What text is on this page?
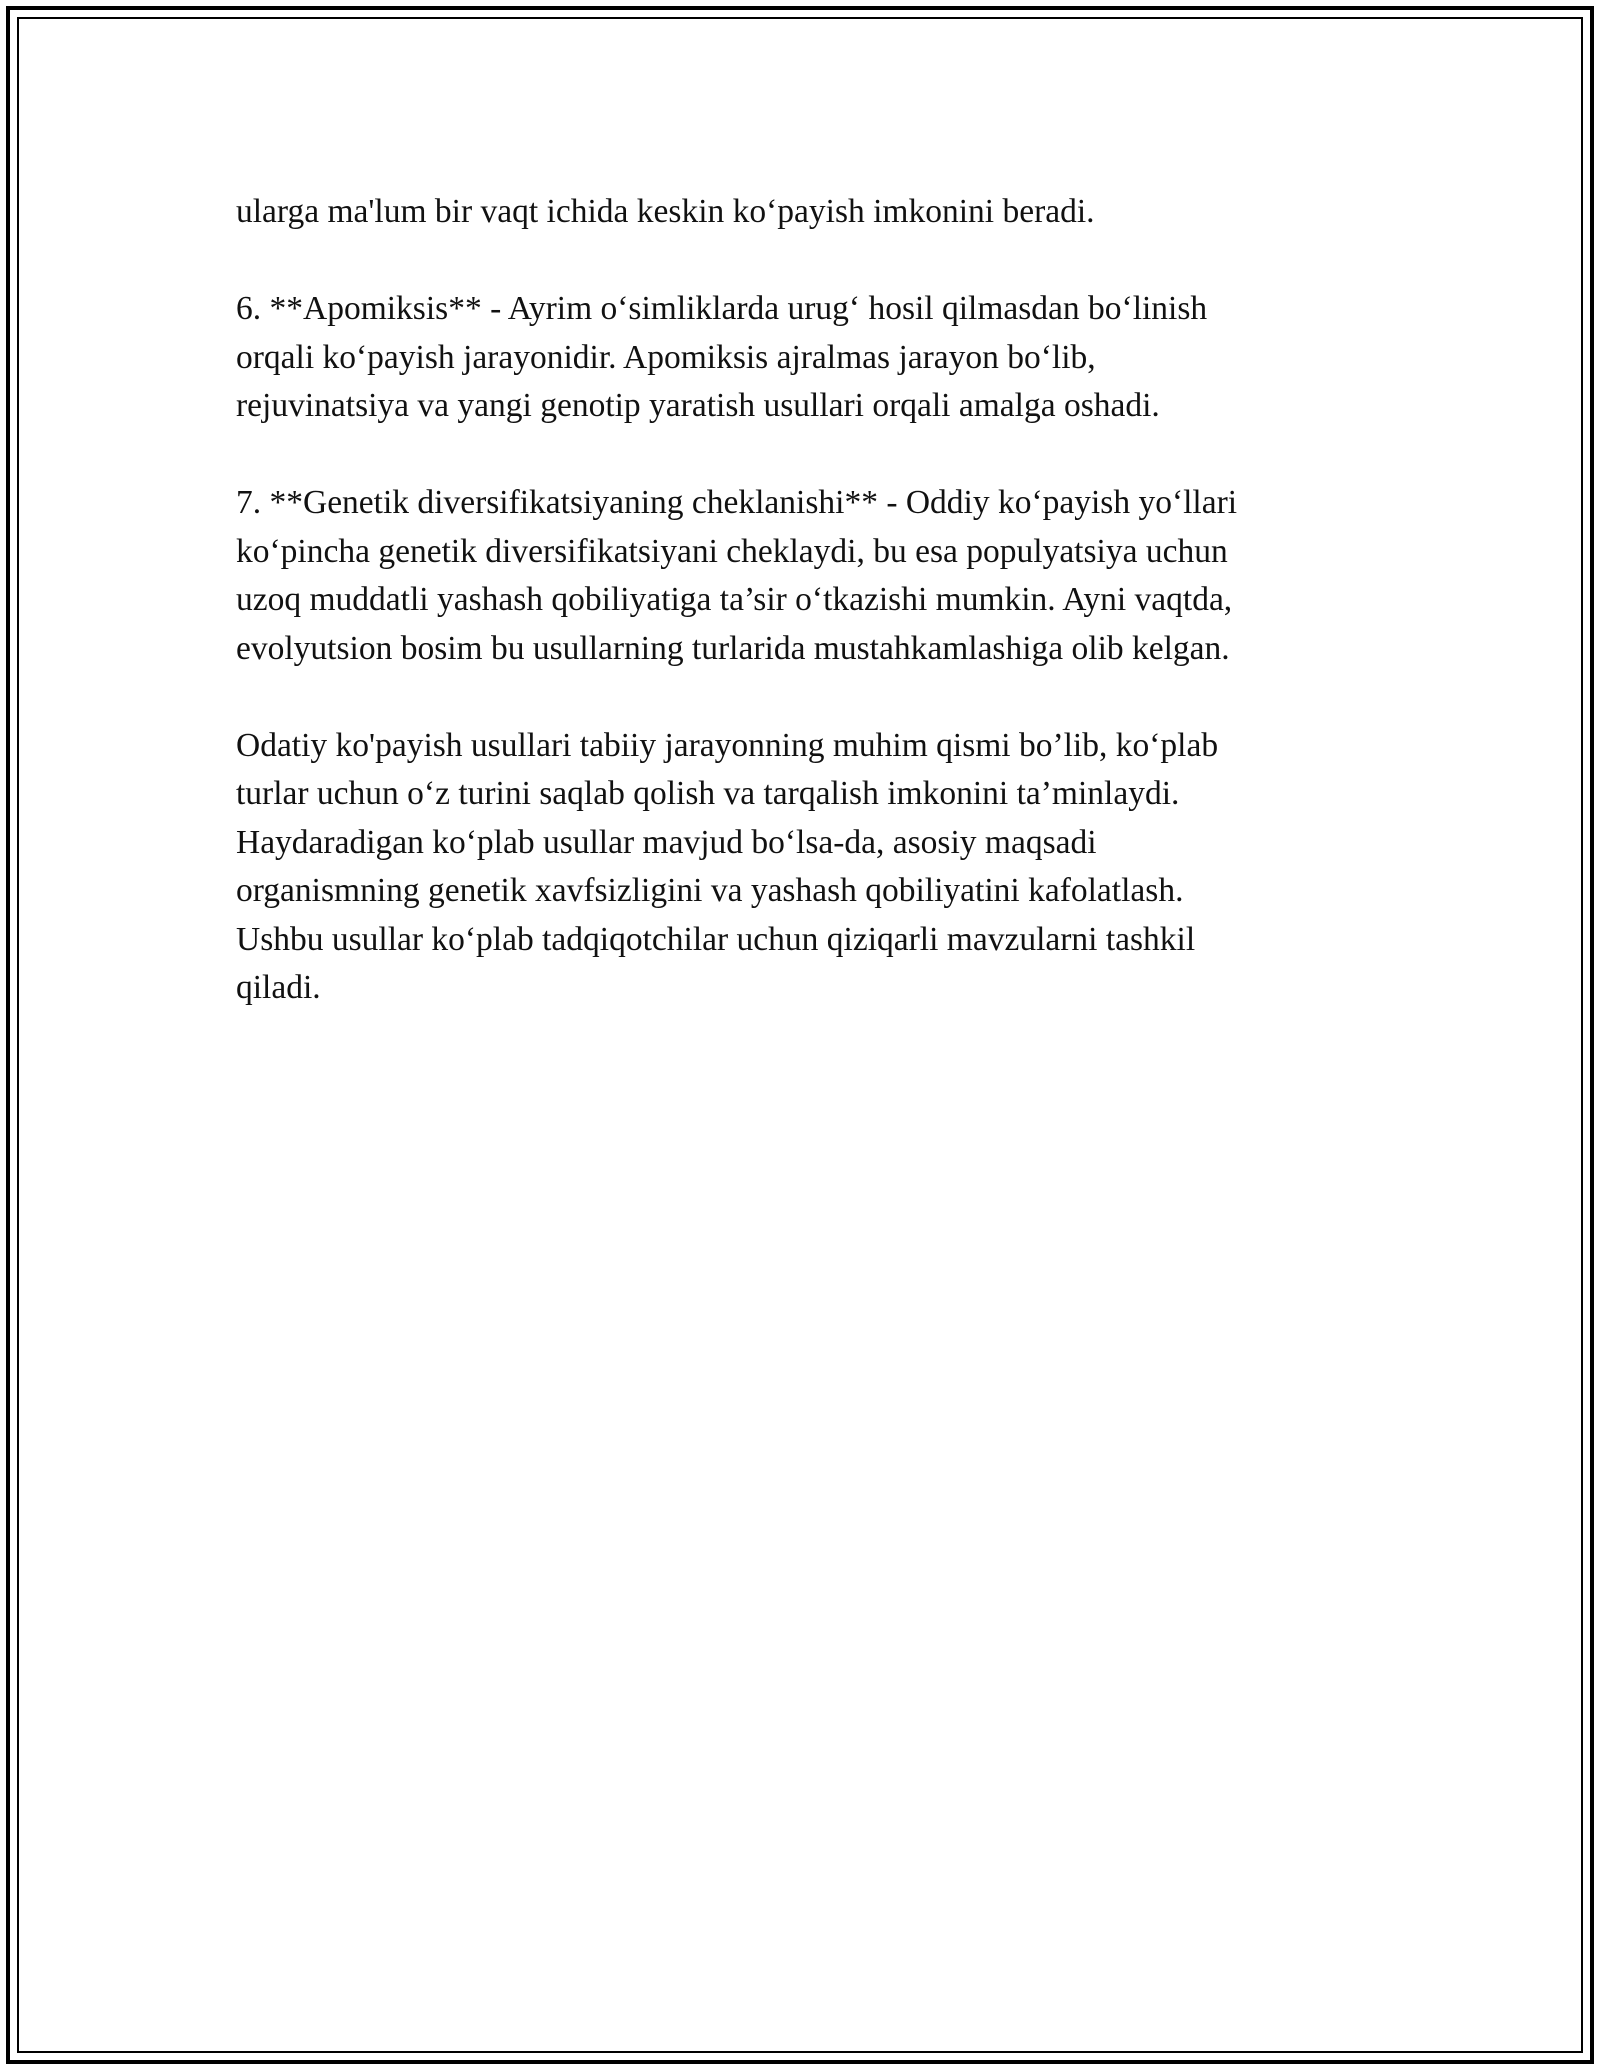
ularga ma'lum bir vaqt ichida keskin ko‘payish imkonini beradi.

6. **Apomiksis** - Ayrim o‘simliklarda urug‘ hosil qilmasdan bo‘linish
orqali ko‘payish jarayonidir. Apomiksis ajralmas jarayon bo‘lib,
rejuvinatsiya va yangi genotip yaratish usullari orqali amalga oshadi.

7. **Genetik diversifikatsiyaning cheklanishi** - Oddiy ko‘payish yo‘llari
ko‘pincha genetik diversifikatsiyani cheklaydi, bu esa populyatsiya uchun
uzoq muddatli yashash qobiliyatiga ta’sir o‘tkazishi mumkin. Ayni vaqtda,
evolyutsion bosim bu usullarning turlarida mustahkamlashiga olib kelgan.

Odatiy ko'payish usullari tabiiy jarayonning muhim qismi bo’lib, ko‘plab
turlar uchun o‘z turini saqlab qolish va tarqalish imkonini ta’minlaydi.
Haydaradigan ko‘plab usullar mavjud bo‘lsa-da, asosiy maqsadi
organismning genetik xavfsizligini va yashash qobiliyatini kafolatlash.
Ushbu usullar ko‘plab tadqiqotchilar uchun qiziqarli mavzularni tashkil
qiladi.
